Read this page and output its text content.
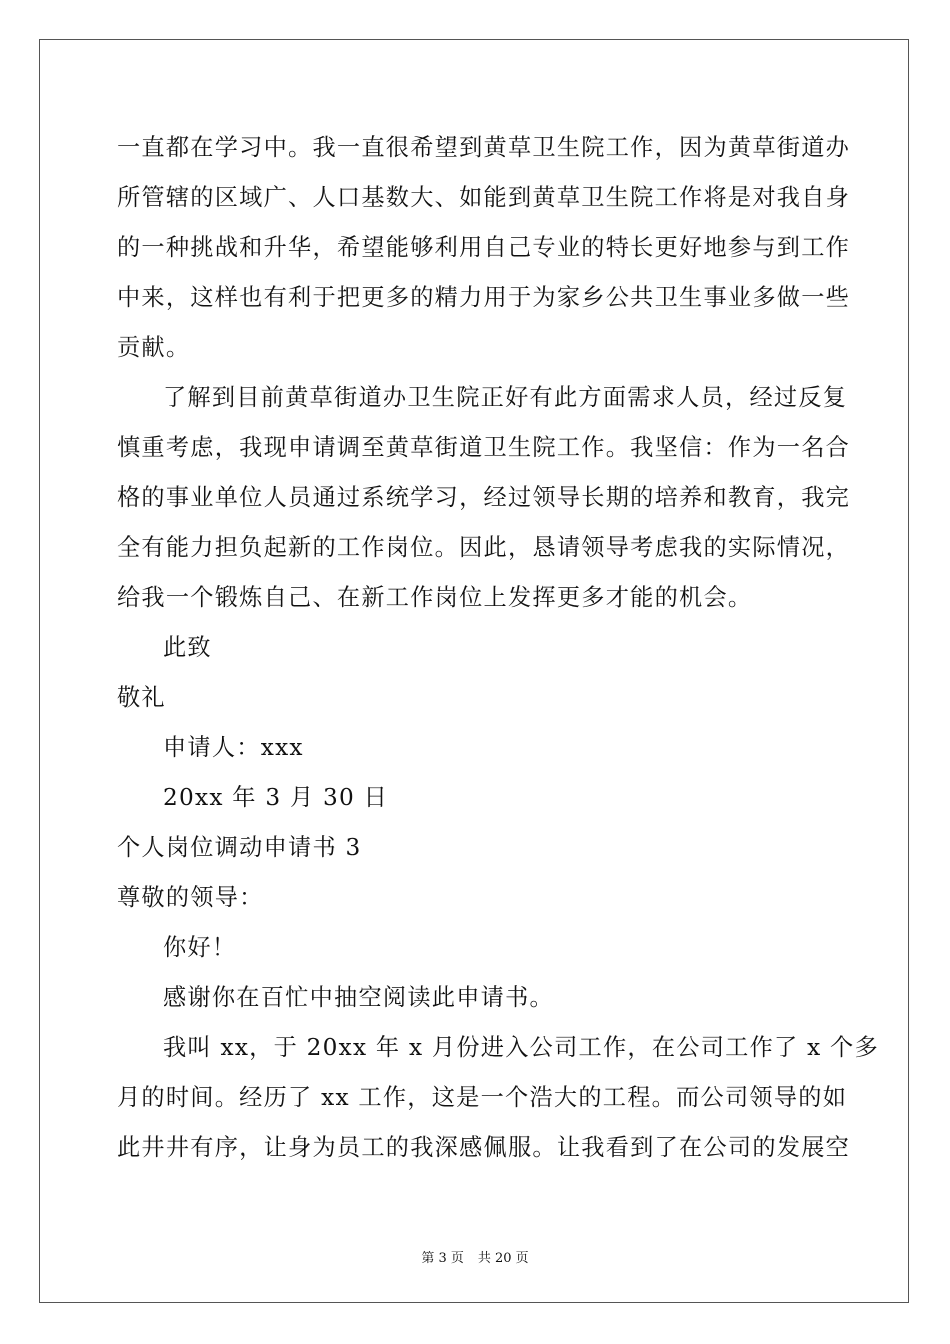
一直都在学习中。我一直很希望到黄草卫生院工作，因为黄草街道办
所管辖的区域广、人口基数大、如能到黄草卫生院工作将是对我自身
的一种挑战和升华，希望能够利用自己专业的特长更好地参与到工作
中来，这样也有利于把更多的精力用于为家乡公共卫生事业多做一些
贡献。
了解到目前黄草街道办卫生院正好有此方面需求人员，经过反复
慎重考虑，我现申请调至黄草街道卫生院工作。我坚信：作为一名合
格的事业单位人员通过系统学习，经过领导长期的培养和教育，我完
全有能力担负起新的工作岗位。因此，恳请领导考虑我的实际情况，
给我一个锻炼自己、在新工作岗位上发挥更多才能的机会。
此致
敬礼
申请人：xxx
20xx 年 3 月 30 日
个人岗位调动申请书 3
尊敬的领导：
你好！
感谢你在百忙中抽空阅读此申请书。
我叫 xx，于 20xx 年 x 月份进入公司工作，在公司工作了 x 个多
月的时间。经历了 xx 工作，这是一个浩大的工程。而公司领导的如
此井井有序，让身为员工的我深感佩服。让我看到了在公司的发展空
第 3 页 共 20 页
